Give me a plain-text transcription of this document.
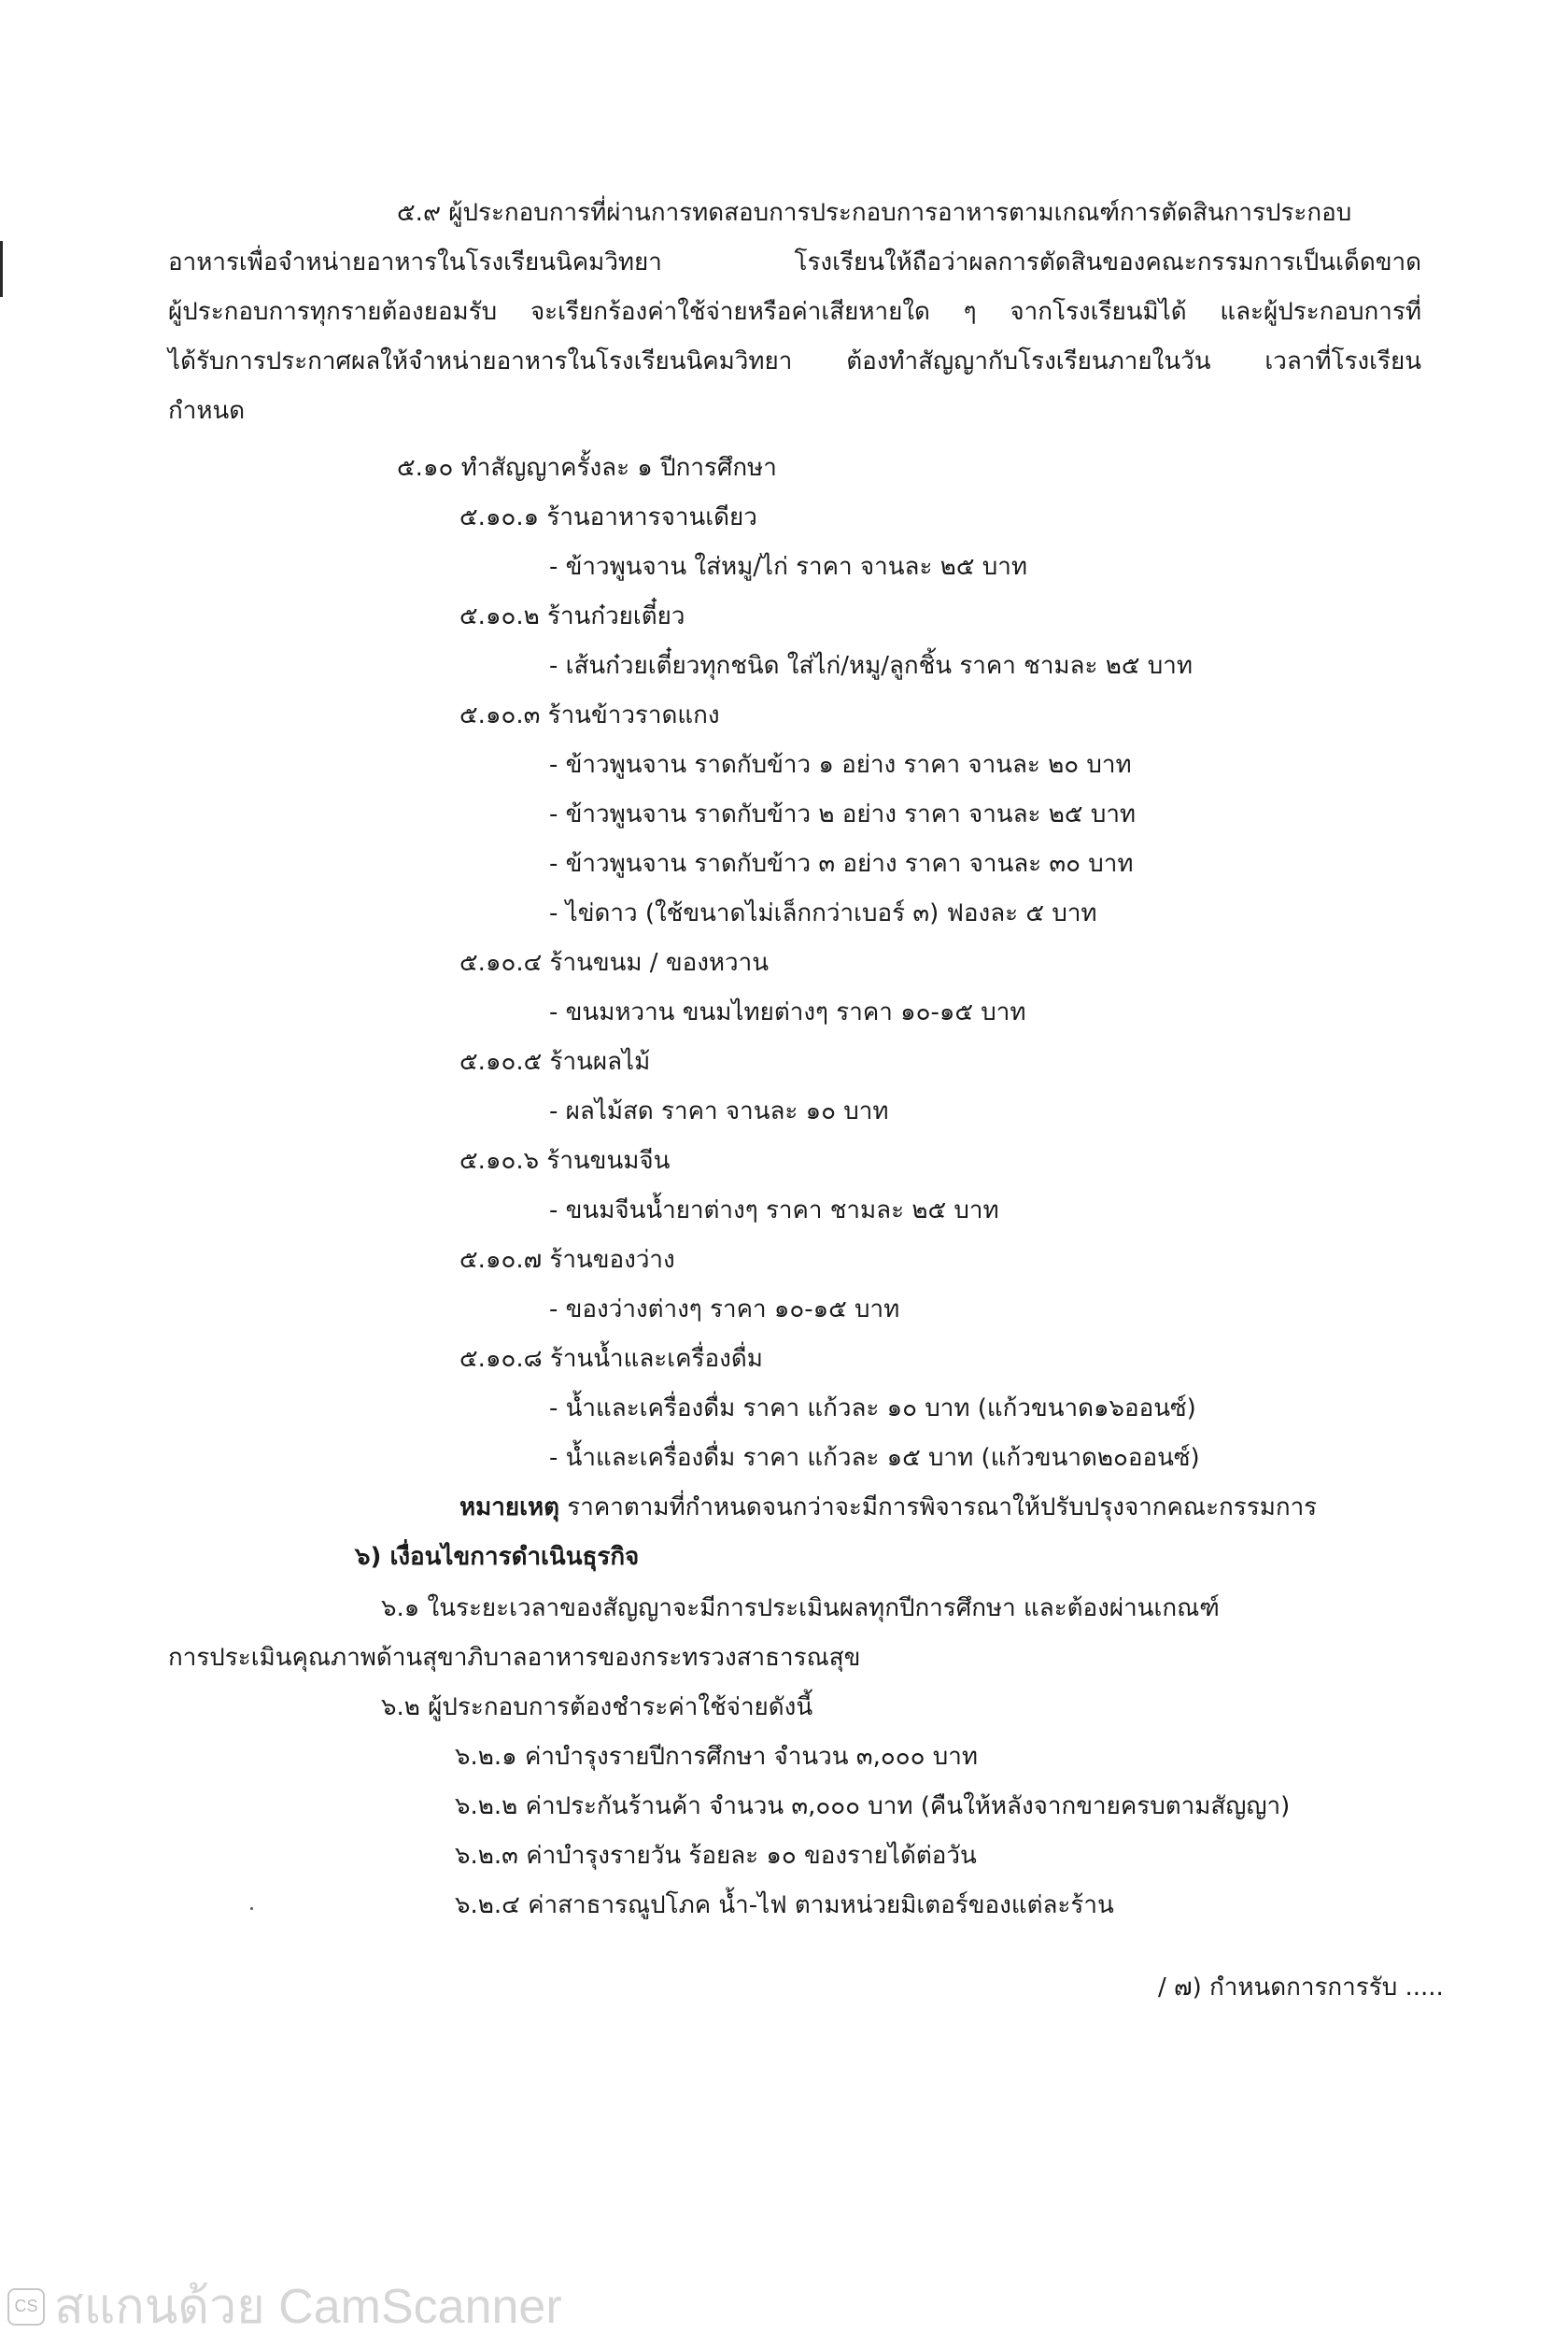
๕.๙ ผู้ประกอบการที่ผ่านการทดสอบการประกอบการอาหารตามเกณฑ์การตัดสินการประกอบ
อาหารเพื่อจำหน่ายอาหารในโรงเรียนนิคมวิทยา โรงเรียนให้ถือว่าผลการตัดสินของคณะกรรมการเป็นเด็ดขาด
ผู้ประกอบการทุกรายต้องยอมรับ จะเรียกร้องค่าใช้จ่ายหรือค่าเสียหายใด ๆ จากโรงเรียนมิได้ และผู้ประกอบการที่
ได้รับการประกาศผลให้จำหน่ายอาหารในโรงเรียนนิคมวิทยา ต้องทำสัญญากับโรงเรียนภายในวัน เวลาที่โรงเรียน
กำหนด
๕.๑๐ ทำสัญญาครั้งละ ๑ ปีการศึกษา
๕.๑๐.๑ ร้านอาหารจานเดียว
- ข้าวพูนจาน ใส่หมู/ไก่ ราคา จานละ ๒๕ บาท
๕.๑๐.๒ ร้านก๋วยเตี๋ยว
- เส้นก๋วยเตี๋ยวทุกชนิด ใส่ไก่/หมู/ลูกชิ้น ราคา ชามละ ๒๕ บาท
๕.๑๐.๓ ร้านข้าวราดแกง
- ข้าวพูนจาน ราดกับข้าว ๑ อย่าง ราคา จานละ ๒๐ บาท
- ข้าวพูนจาน ราดกับข้าว ๒ อย่าง ราคา จานละ ๒๕ บาท
- ข้าวพูนจาน ราดกับข้าว ๓ อย่าง ราคา จานละ ๓๐ บาท
- ไข่ดาว (ใช้ขนาดไม่เล็กกว่าเบอร์ ๓) ฟองละ ๕ บาท
๕.๑๐.๔ ร้านขนม / ของหวาน
- ขนมหวาน ขนมไทยต่างๆ ราคา ๑๐-๑๕ บาท
๕.๑๐.๕ ร้านผลไม้
- ผลไม้สด ราคา จานละ ๑๐ บาท
๕.๑๐.๖ ร้านขนมจีน
- ขนมจีนน้ำยาต่างๆ ราคา ชามละ ๒๕ บาท
๕.๑๐.๗ ร้านของว่าง
- ของว่างต่างๆ ราคา ๑๐-๑๕ บาท
๕.๑๐.๘ ร้านน้ำและเครื่องดื่ม
- น้ำและเครื่องดื่ม ราคา แก้วละ ๑๐ บาท (แก้วขนาด๑๖ออนซ์)
- น้ำและเครื่องดื่ม ราคา แก้วละ ๑๕ บาท (แก้วขนาด๒๐ออนซ์)
หมายเหตุ ราคาตามที่กำหนดจนกว่าจะมีการพิจารณาให้ปรับปรุงจากคณะกรรมการ
๖) เงื่อนไขการดำเนินธุรกิจ
๖.๑ ในระยะเวลาของสัญญาจะมีการประเมินผลทุกปีการศึกษา และต้องผ่านเกณฑ์
การประเมินคุณภาพด้านสุขาภิบาลอาหารของกระทรวงสาธารณสุข
๖.๒ ผู้ประกอบการต้องชำระค่าใช้จ่ายดังนี้
๖.๒.๑ ค่าบำรุงรายปีการศึกษา จำนวน ๓,๐๐๐ บาท
๖.๒.๒ ค่าประกันร้านค้า จำนวน ๓,๐๐๐ บาท (คืนให้หลังจากขายครบตามสัญญา)
๖.๒.๓ ค่าบำรุงรายวัน ร้อยละ ๑๐ ของรายได้ต่อวัน
๖.๒.๔ ค่าสาธารณูปโภค น้ำ-ไฟ ตามหน่วยมิเตอร์ของแต่ละร้าน
/ ๗) กำหนดการการรับ .....
CS สแกนด้วย CamScanner
